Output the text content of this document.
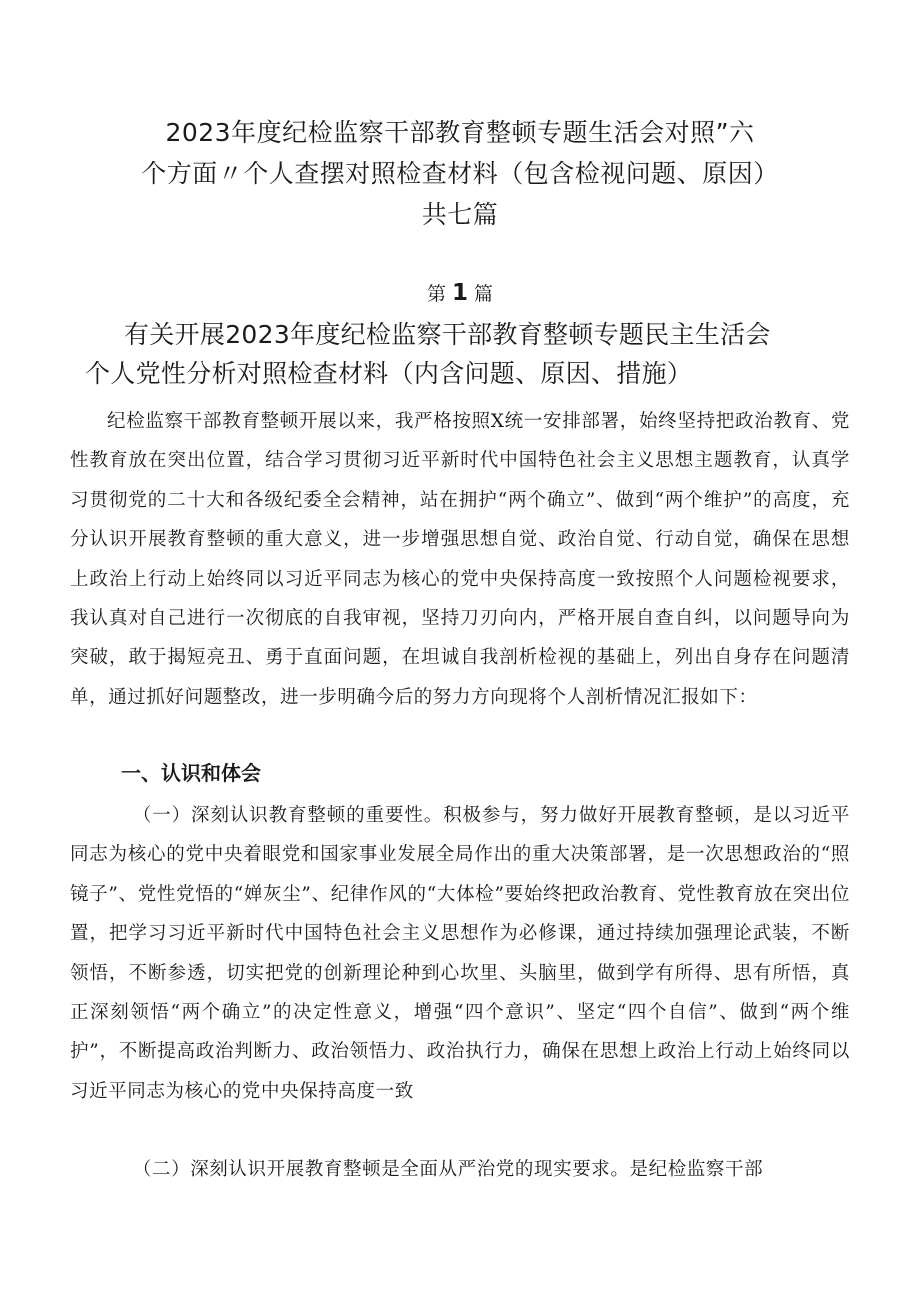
2023年度纪检监察干部教育整顿专题生活会对照”六
个方面〃个人查摆对照检查材料（包含检视问题、原因）
共七篇
第 1 篇
有关开展2023年度纪检监察干部教育整顿专题民主生活会
个人党性分析对照检查材料（内含问题、原因、措施）
纪检监察干部教育整顿开展以来，我严格按照X统一安排部署，始终坚持把政治教育、党性教育放在突出位置，结合学习贯彻习近平新时代中国特色社会主义思想主题教育，认真学习贯彻党的二十大和各级纪委全会精神，站在拥护“两个确立”、做到“两个维护”的高度，充分认识开展教育整顿的重大意义，进一步增强思想自觉、政治自觉、行动自觉，确保在思想上政治上行动上始终同以习近平同志为核心的党中央保持高度一致按照个人问题检视要求，我认真对自己进行一次彻底的自我审视，坚持刀刃向内，严格开展自查自纠，以问题导向为突破，敢于揭短亮丑、勇于直面问题，在坦诚自我剖析检视的基础上，列出自身存在问题清单，通过抓好问题整改，进一步明确今后的努力方向现将个人剖析情况汇报如下：
一、认识和体会
（一）深刻认识教育整顿的重要性。积极参与，努力做好开展教育整顿，是以习近平同志为核心的党中央着眼党和国家事业发展全局作出的重大决策部署，是一次思想政治的“照镜子”、党性党悟的“婵灰尘”、纪律作风的“大体检”要始终把政治教育、党性教育放在突出位置，把学习习近平新时代中国特色社会主义思想作为必修课，通过持续加强理论武装，不断领悟，不断参透，切实把党的创新理论种到心坎里、头脑里，做到学有所得、思有所悟，真正深刻领悟“两个确立”的决定性意义，增强“四个意识”、坚定“四个自信”、做到“两个维护”，不断提高政治判断力、政治领悟力、政治执行力，确保在思想上政治上行动上始终同以习近平同志为核心的党中央保持高度一致
（二）深刻认识开展教育整顿是全面从严治党的现实要求。是纪检监察干部
